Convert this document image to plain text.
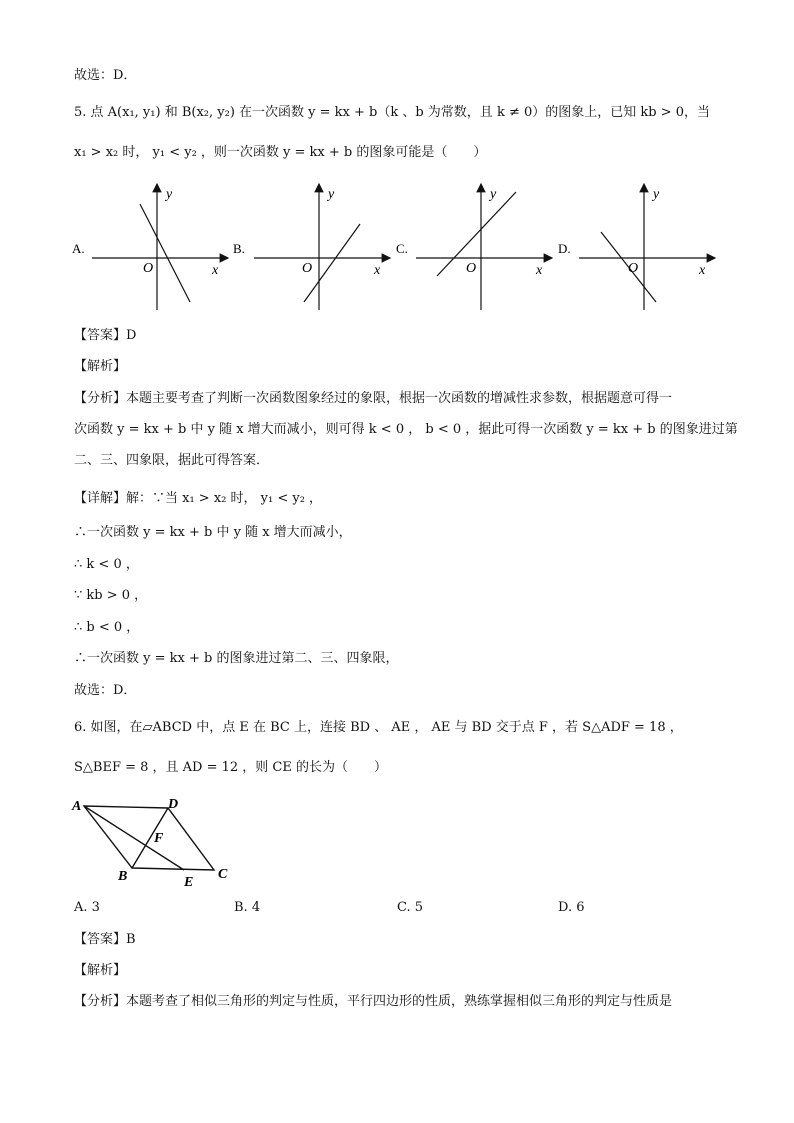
故选：D．
5. 点 A(x₁, y₁) 和 B(x₂, y₂) 在一次函数 y = kx + b（k 、b 为常数，且 k ≠ 0）的图象上，已知 kb > 0，当
x₁ > x₂ 时， y₁ < y₂ ，则一次函数 y = kx + b 的图象可能是（　　）
A.
O	x
y
B.
O	x
y
C.
O	x
y
D.
O	x
y
【答案】D
【解析】
【分析】本题主要考查了判断一次函数图象经过的象限，根据一次函数的增减性求参数，根据题意可得一
次函数 y = kx + b 中 y 随 x 增大而减小，则可得 k < 0 ， b < 0 ，据此可得一次函数 y = kx + b 的图象进过第
二、三、四象限，据此可得答案．
【详解】解：∵当 x₁ > x₂ 时， y₁ < y₂ ，
∴一次函数 y = kx + b 中 y 随 x 增大而减小，
∴ k < 0 ，
∵ kb > 0 ，
∴ b < 0 ，
∴一次函数 y = kx + b 的图象进过第二、三、四象限，
故选：D．
6. 如图，在▱ABCD 中，点 E 在 BC 上，连接 BD 、 AE ， AE 与 BD 交于点 F ，若 S△ADF = 18 ，
S△BEF = 8 ，且 AD = 12 ，则 CE 的长为（　　）
A	D
F
B	E
C
A. 3	B. 4	C. 5	D. 6
【答案】B
【解析】
【分析】本题考查了相似三角形的判定与性质，平行四边形的性质，熟练掌握相似三角形的判定与性质是
